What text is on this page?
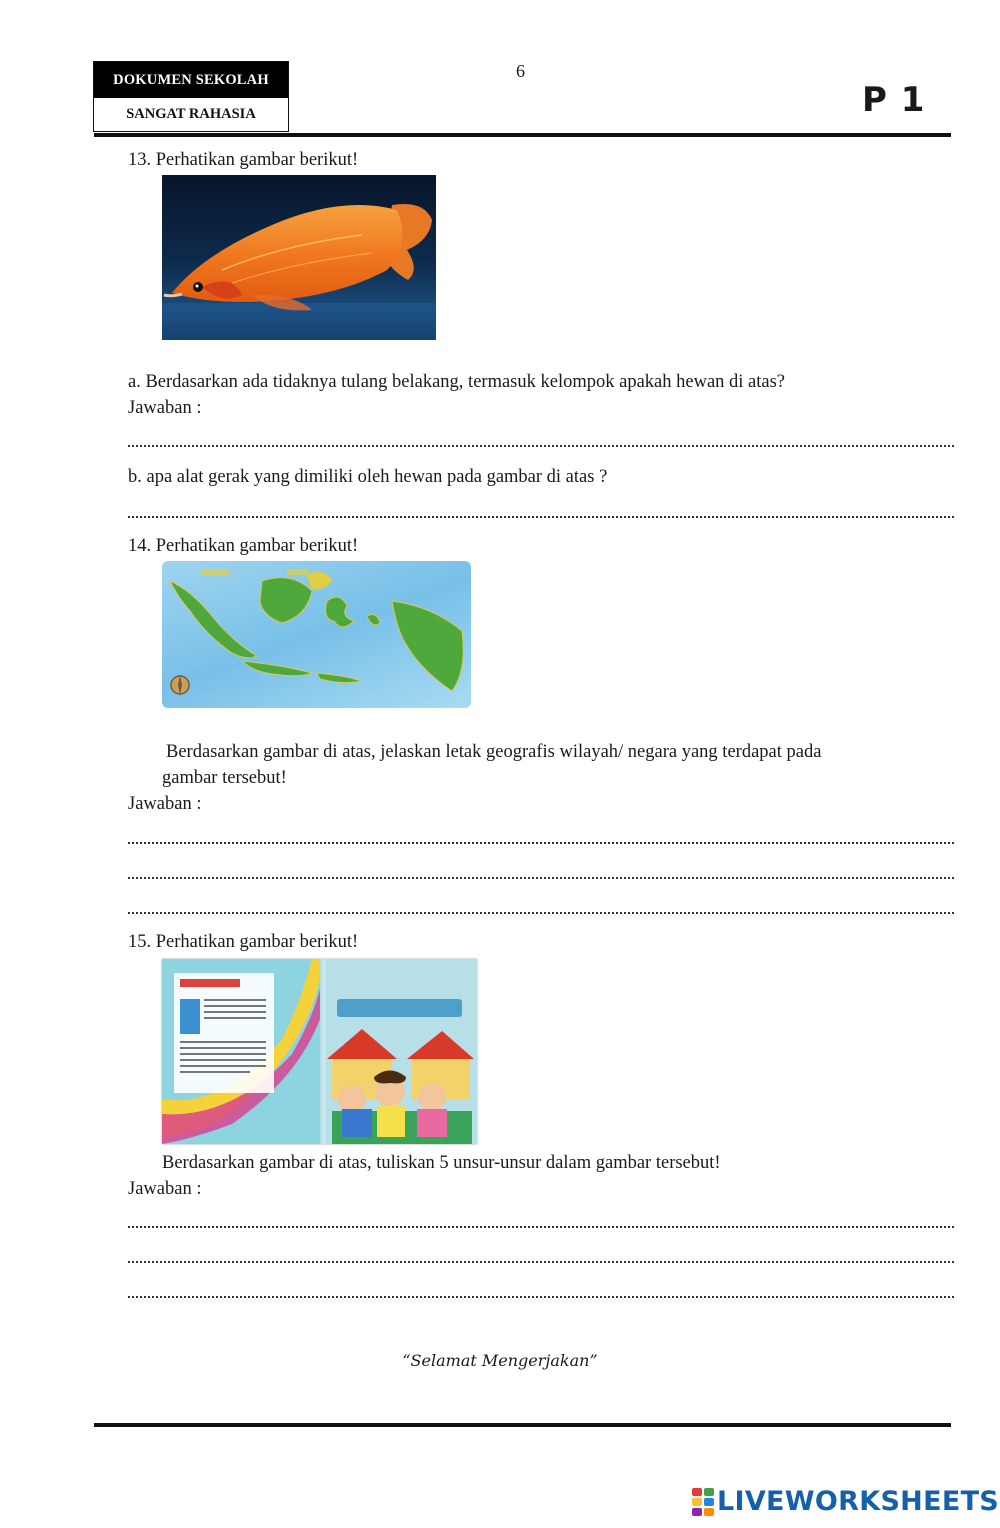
DOKUMEN SEKOLAH
SANGAT RAHASIA
6
P 1
13. Perhatikan gambar berikut!
a. Berdasarkan ada tidaknya tulang belakang, termasuk kelompok apakah hewan di atas?
Jawaban :
b. apa alat gerak yang dimiliki oleh hewan pada gambar di atas ?
14. Perhatikan gambar berikut!
Berdasarkan gambar di atas, jelaskan letak geografis wilayah/ negara yang terdapat pada
gambar tersebut!
Jawaban :
15. Perhatikan gambar berikut!
Berdasarkan gambar di atas, tuliskan 5 unsur-unsur dalam gambar tersebut!
Jawaban :
“Selamat Mengerjakan”
LIVEWORKSHEETS
